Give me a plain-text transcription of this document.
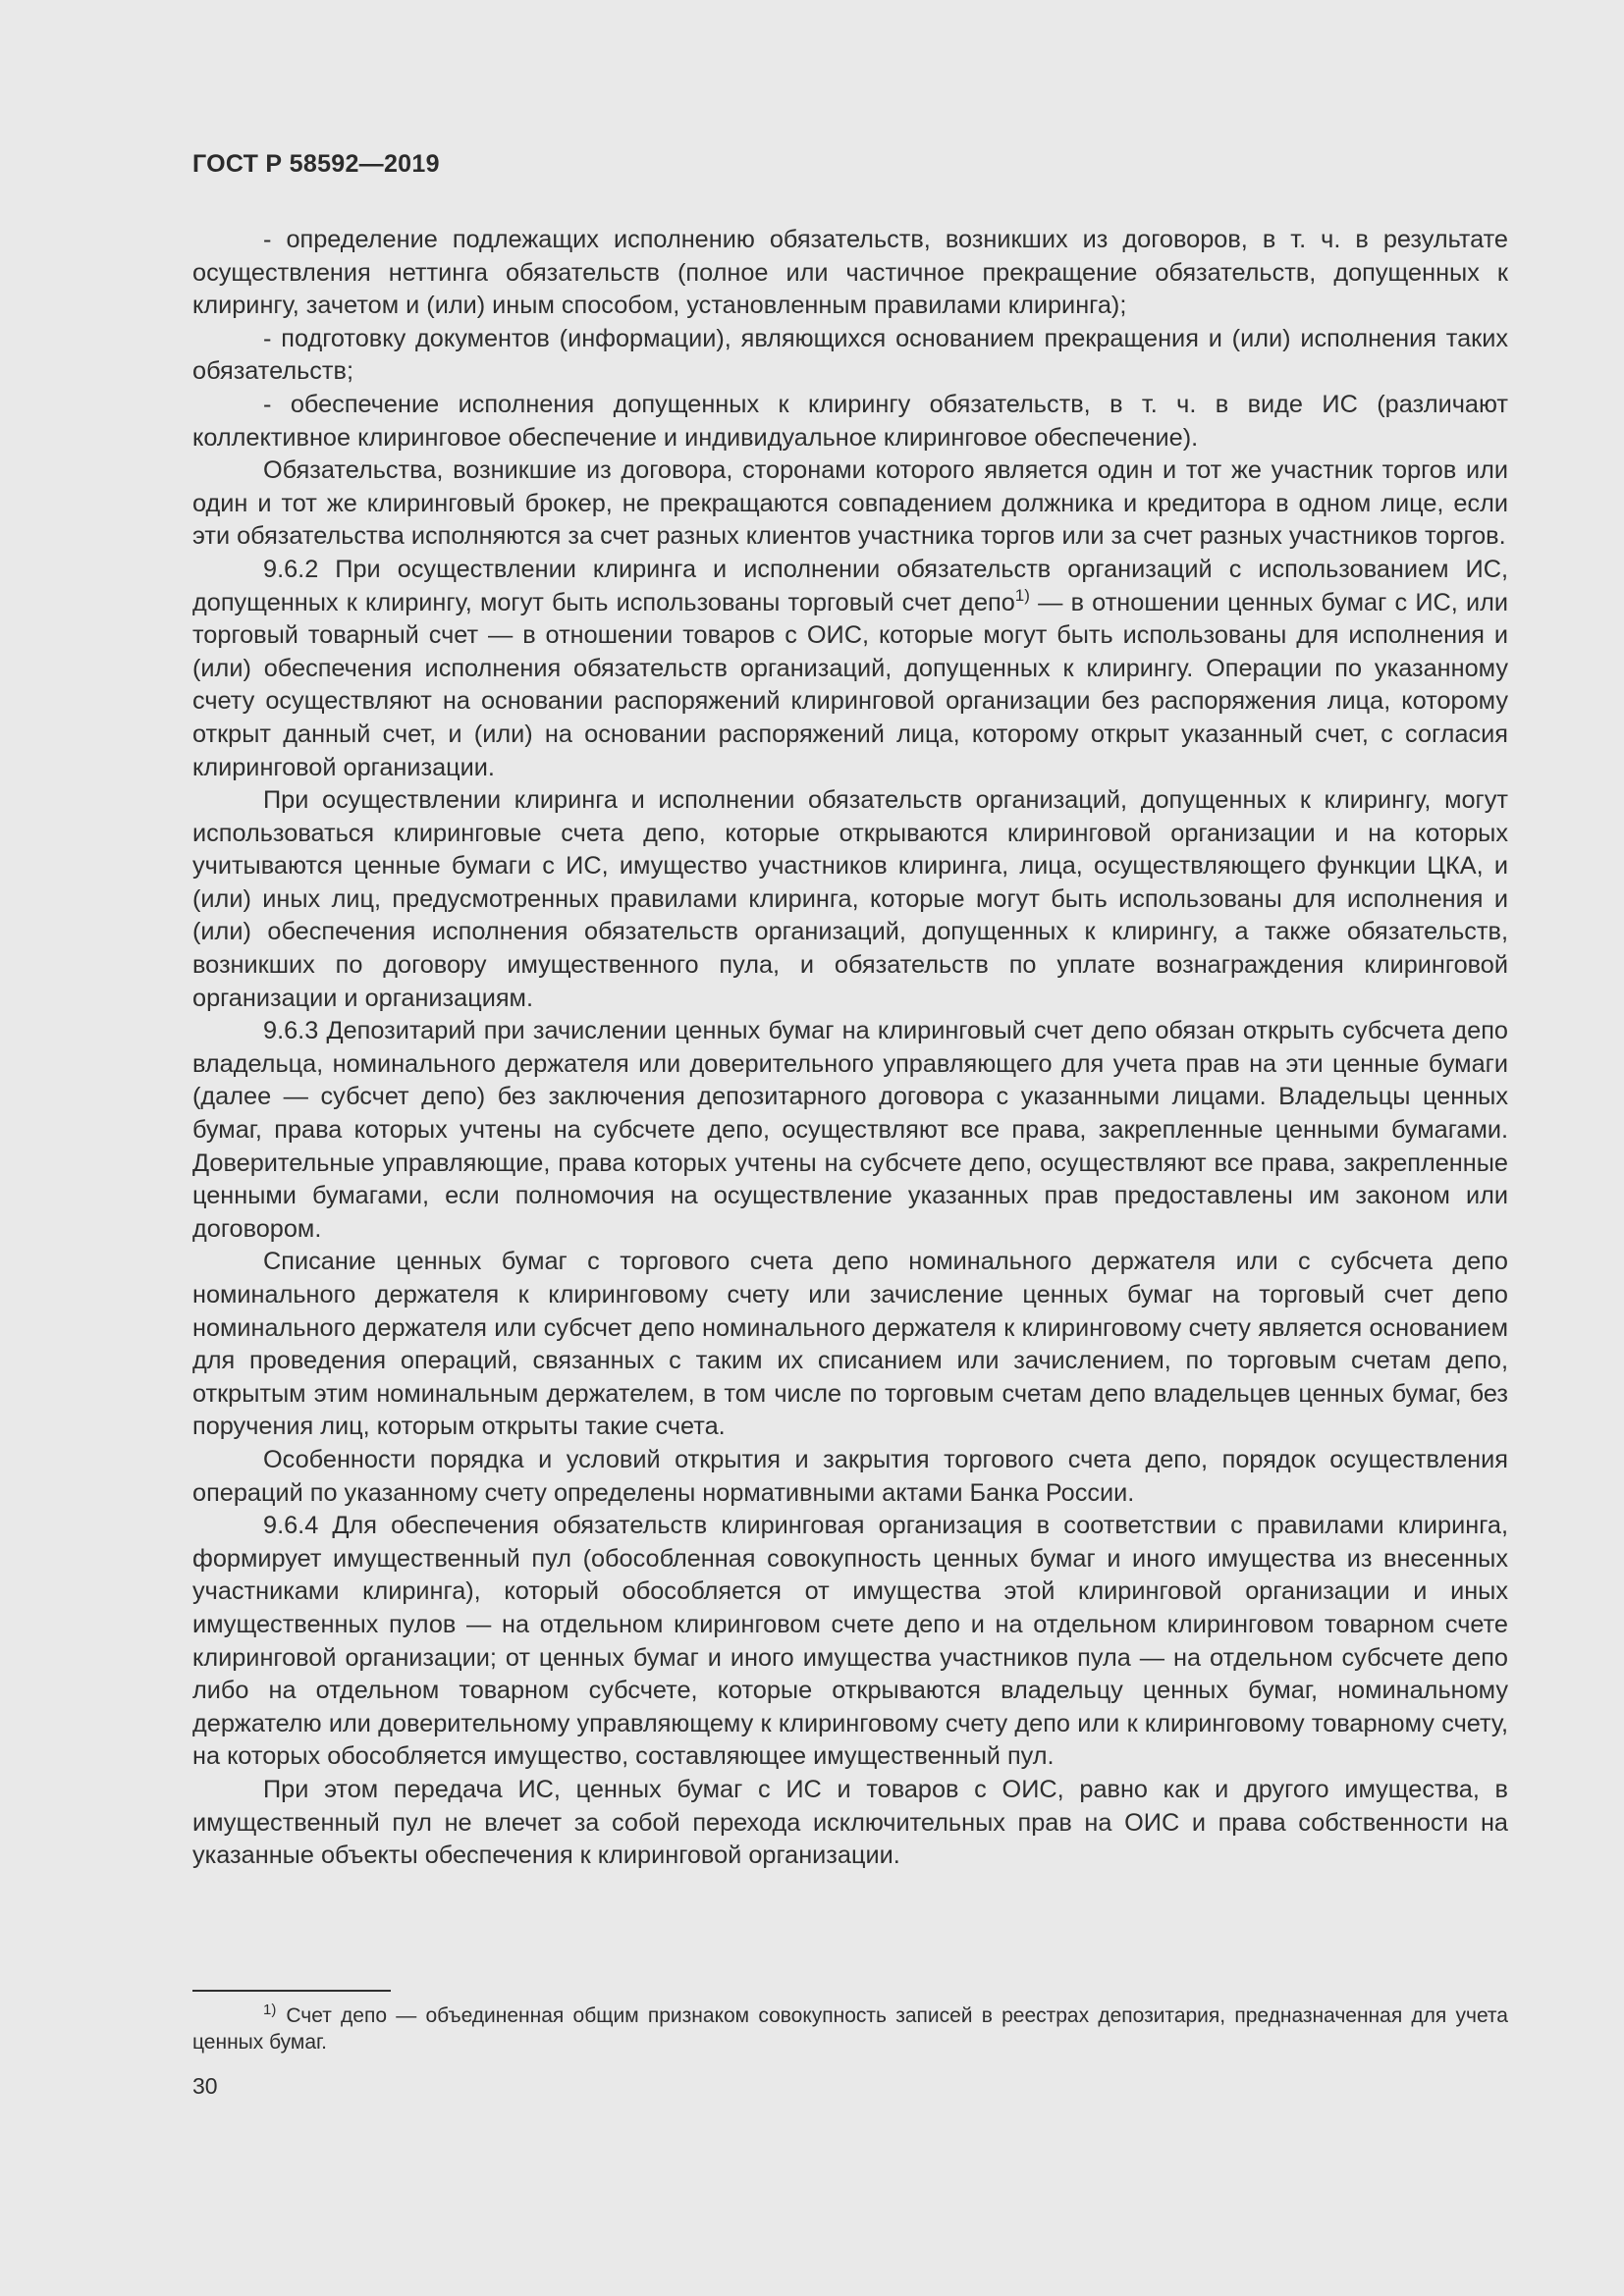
ГОСТ Р 58592—2019

- определение подлежащих исполнению обязательств, возникших из договоров, в т. ч. в результате осуществления неттинга обязательств (полное или частичное прекращение обязательств, допущенных к клирингу, зачетом и (или) иным способом, установленным правилами клиринга);

- подготовку документов (информации), являющихся основанием прекращения и (или) исполнения таких обязательств;

- обеспечение исполнения допущенных к клирингу обязательств, в т. ч. в виде ИС (различают коллективное клиринговое обеспечение и индивидуальное клиринговое обеспечение).

Обязательства, возникшие из договора, сторонами которого является один и тот же участник торгов или один и тот же клиринговый брокер, не прекращаются совпадением должника и кредитора в одном лице, если эти обязательства исполняются за счет разных клиентов участника торгов или за счет разных участников торгов.

9.6.2 При осуществлении клиринга и исполнении обязательств организаций с использованием ИС, допущенных к клирингу, могут быть использованы торговый счет депо$^{1)}$ — в отношении ценных бумаг с ИС, или торговый товарный счет — в отношении товаров с ОИС, которые могут быть использованы для исполнения и (или) обеспечения исполнения обязательств организаций, допущенных к клирингу. Операции по указанному счету осуществляют на основании распоряжений клиринговой организации без распоряжения лица, которому открыт данный счет, и (или) на основании распоряжений лица, которому открыт указанный счет, с согласия клиринговой организации.

При осуществлении клиринга и исполнении обязательств организаций, допущенных к клирингу, могут использоваться клиринговые счета депо, которые открываются клиринговой организации и на которых учитываются ценные бумаги с ИС, имущество участников клиринга, лица, осуществляющего функции ЦКА, и (или) иных лиц, предусмотренных правилами клиринга, которые могут быть использованы для исполнения и (или) обеспечения исполнения обязательств организаций, допущенных к клирингу, а также обязательств, возникших по договору имущественного пула, и обязательств по уплате вознаграждения клиринговой организации и организациям.

9.6.3 Депозитарий при зачислении ценных бумаг на клиринговый счет депо обязан открыть субсчета депо владельца, номинального держателя или доверительного управляющего для учета прав на эти ценные бумаги (далее — субсчет депо) без заключения депозитарного договора с указанными лицами. Владельцы ценных бумаг, права которых учтены на субсчете депо, осуществляют все права, закрепленные ценными бумагами. Доверительные управляющие, права которых учтены на субсчете депо, осуществляют все права, закрепленные ценными бумагами, если полномочия на осуществление указанных прав предоставлены им законом или договором.

Списание ценных бумаг с торгового счета депо номинального держателя или с субсчета депо номинального держателя к клиринговому счету или зачисление ценных бумаг на торговый счет депо номинального держателя или субсчет депо номинального держателя к клиринговому счету является основанием для проведения операций, связанных с таким их списанием или зачислением, по торговым счетам депо, открытым этим номинальным держателем, в том числе по торговым счетам депо владельцев ценных бумаг, без поручения лиц, которым открыты такие счета.

Особенности порядка и условий открытия и закрытия торгового счета депо, порядок осуществления операций по указанному счету определены нормативными актами Банка России.

9.6.4 Для обеспечения обязательств клиринговая организация в соответствии с правилами клиринга, формирует имущественный пул (обособленная совокупность ценных бумаг и иного имущества из внесенных участниками клиринга), который обособляется от имущества этой клиринговой организации и иных имущественных пулов — на отдельном клиринговом счете депо и на отдельном клиринговом товарном счете клиринговой организации; от ценных бумаг и иного имущества участников пула — на отдельном субсчете депо либо на отдельном товарном субсчете, которые открываются владельцу ценных бумаг, номинальному держателю или доверительному управляющему к клиринговому счету депо или к клиринговому товарному счету, на которых обособляется имущество, составляющее имущественный пул.

При этом передача ИС, ценных бумаг с ИС и товаров с ОИС, равно как и другого имущества, в имущественный пул не влечет за собой перехода исключительных прав на ОИС и права собственности на указанные объекты обеспечения к клиринговой организации.

$^{1)}$ Счет депо — объединенная общим признаком совокупность записей в реестрах депозитария, предназначенная для учета ценных бумаг.
30
